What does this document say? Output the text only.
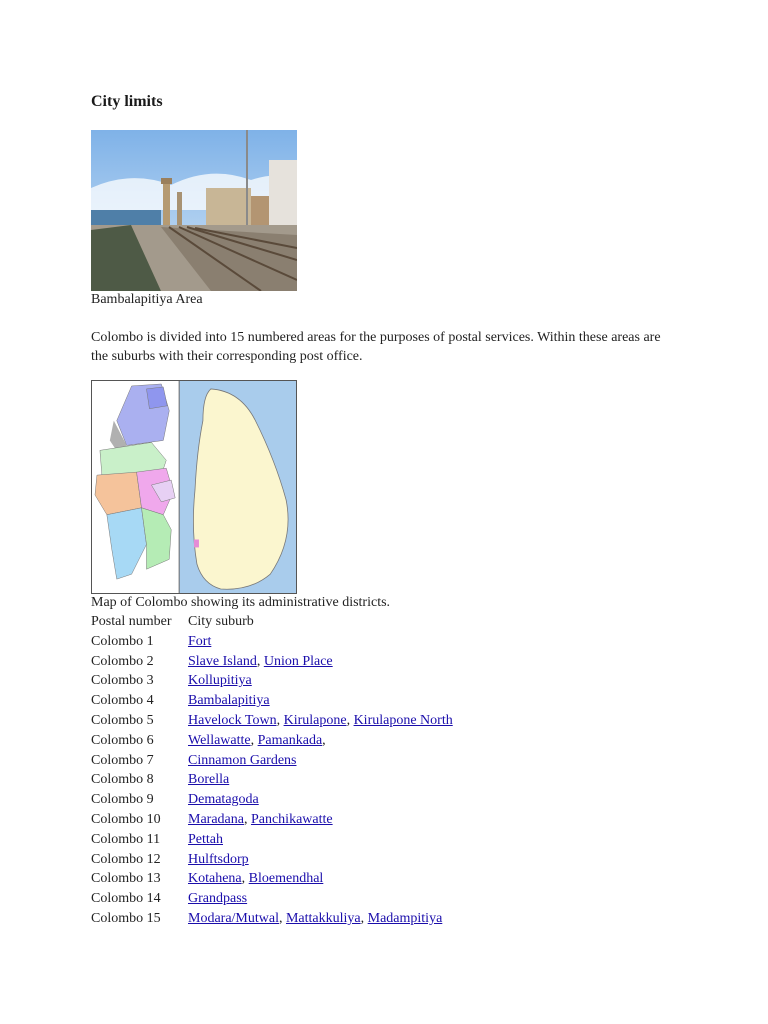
City limits
Bambalapitiya Area

Colombo is divided into 15 numbered areas for the purposes of postal services. Within these areas are the suburbs with their corresponding post office.

Map of Colombo showing its administrative districts.
Postal number	City suburb
Colombo 1	Fort
Colombo 2	Slave Island, Union Place
Colombo 3	Kollupitiya
Colombo 4	Bambalapitiya
Colombo 5	Havelock Town, Kirulapone, Kirulapone North
Colombo 6	Wellawatte, Pamankada,
Colombo 7	Cinnamon Gardens
Colombo 8	Borella
Colombo 9	Dematagoda
Colombo 10	Maradana, Panchikawatte
Colombo 11	Pettah
Colombo 12	Hulftsdorp
Colombo 13	Kotahena, Bloemendhal
Colombo 14	Grandpass
Colombo 15	Modara/Mutwal, Mattakkuliya, Madampitiya
